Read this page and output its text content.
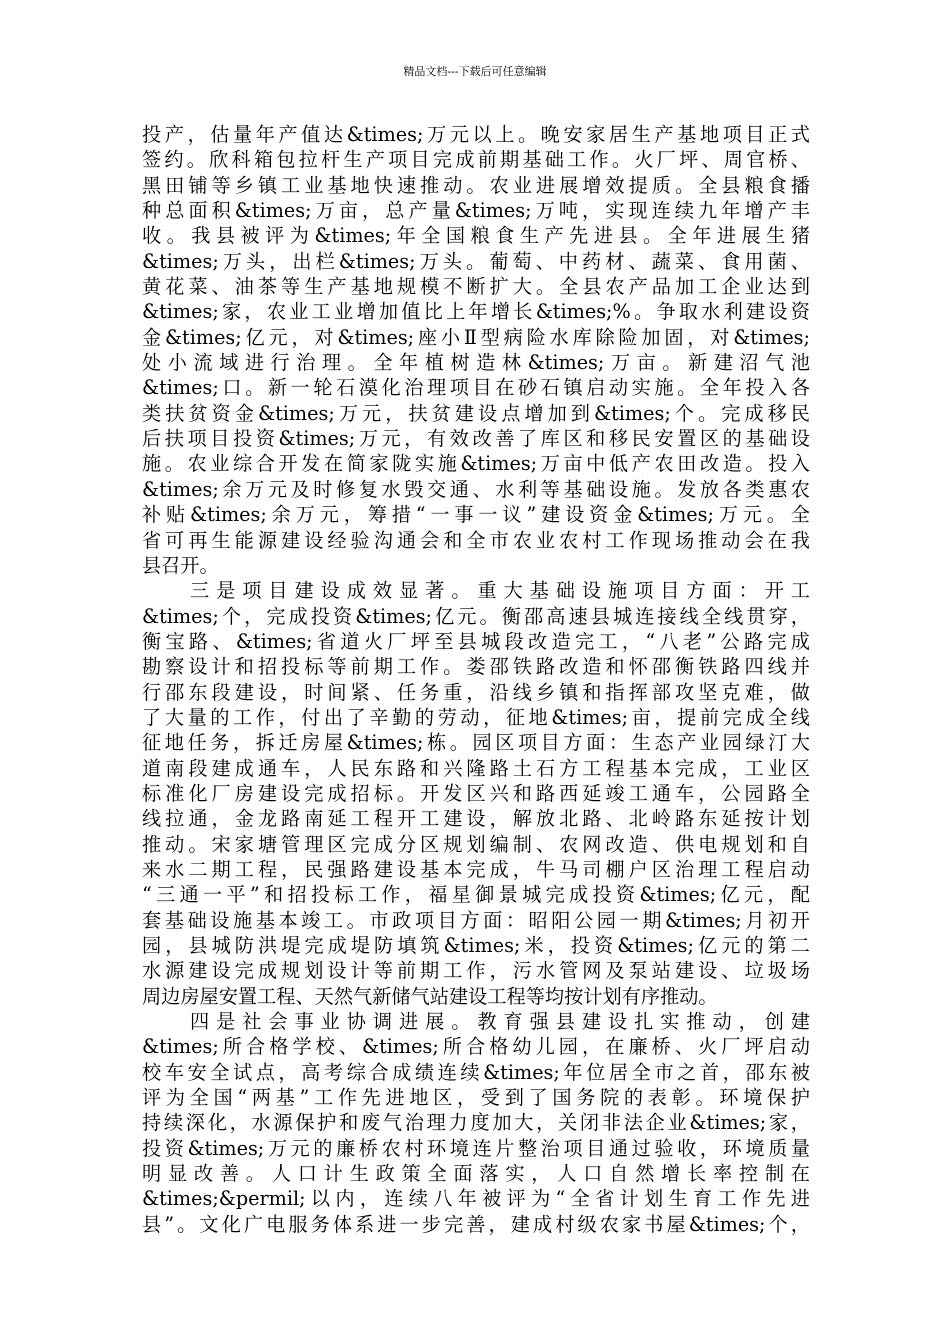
精品文档---下载后可任意编辑
投产，估量年产值达&times;万元以上。晚安家居生产基地项目正式
签约。欣科箱包拉杆生产项目完成前期基础工作。火厂坪、周官桥、
黑田铺等乡镇工业基地快速推动。农业进展增效提质。全县粮食播
种总面积&times;万亩，总产量&times;万吨，实现连续九年增产丰
收。我县被评为&times;年全国粮食生产先进县。全年进展生猪
&times;万头，出栏&times;万头。葡萄、中药材、蔬菜、食用菌、
黄花菜、油茶等生产基地规模不断扩大。全县农产品加工企业达到
&times;家，农业工业增加值比上年增长&times;%。争取水利建设资
金&times;亿元，对&times;座小Ⅱ型病险水库除险加固，对&times;
处小流域进行治理。全年植树造林&times;万亩。新建沼气池
&times;口。新一轮石漠化治理项目在砂石镇启动实施。全年投入各
类扶贫资金&times;万元，扶贫建设点增加到&times;个。完成移民
后扶项目投资&times;万元，有效改善了库区和移民安置区的基础设
施。农业综合开发在简家陇实施&times;万亩中低产农田改造。投入
&times;余万元及时修复水毁交通、水利等基础设施。发放各类惠农
补贴&times;余万元，筹措“一事一议”建设资金&times;万元。全
省可再生能源建设经验沟通会和全市农业农村工作现场推动会在我
县召开。
三是项目建设成效显著。重大基础设施项目方面：开工
&times;个，完成投资&times;亿元。衡邵高速县城连接线全线贯穿，
衡宝路、&times;省道火厂坪至县城段改造完工，“八老”公路完成
勘察设计和招投标等前期工作。娄邵铁路改造和怀邵衡铁路四线并
行邵东段建设，时间紧、任务重，沿线乡镇和指挥部攻坚克难，做
了大量的工作，付出了辛勤的劳动，征地&times;亩，提前完成全线
征地任务，拆迁房屋&times;栋。园区项目方面：生态产业园绿汀大
道南段建成通车，人民东路和兴隆路土石方工程基本完成，工业区
标准化厂房建设完成招标。开发区兴和路西延竣工通车，公园路全
线拉通，金龙路南延工程开工建设，解放北路、北岭路东延按计划
推动。宋家塘管理区完成分区规划编制、农网改造、供电规划和自
来水二期工程，民强路建设基本完成，牛马司棚户区治理工程启动
“三通一平”和招投标工作，福星御景城完成投资&times;亿元，配
套基础设施基本竣工。市政项目方面：昭阳公园一期&times;月初开
园，县城防洪堤完成堤防填筑&times;米，投资&times;亿元的第二
水源建设完成规划设计等前期工作，污水管网及泵站建设、垃圾场
周边房屋安置工程、天然气新储气站建设工程等均按计划有序推动。
四是社会事业协调进展。教育强县建设扎实推动，创建
&times;所合格学校、&times;所合格幼儿园，在廉桥、火厂坪启动
校车安全试点，高考综合成绩连续&times;年位居全市之首，邵东被
评为全国“两基”工作先进地区，受到了国务院的表彰。环境保护
持续深化，水源保护和废气治理力度加大，关闭非法企业&times;家，
投资&times;万元的廉桥农村环境连片整治项目通过验收，环境质量
明显改善。人口计生政策全面落实，人口自然增长率控制在
&times;&permil;以内，连续八年被评为“全省计划生育工作先进
县”。文化广电服务体系进一步完善，建成村级农家书屋&times;个，
